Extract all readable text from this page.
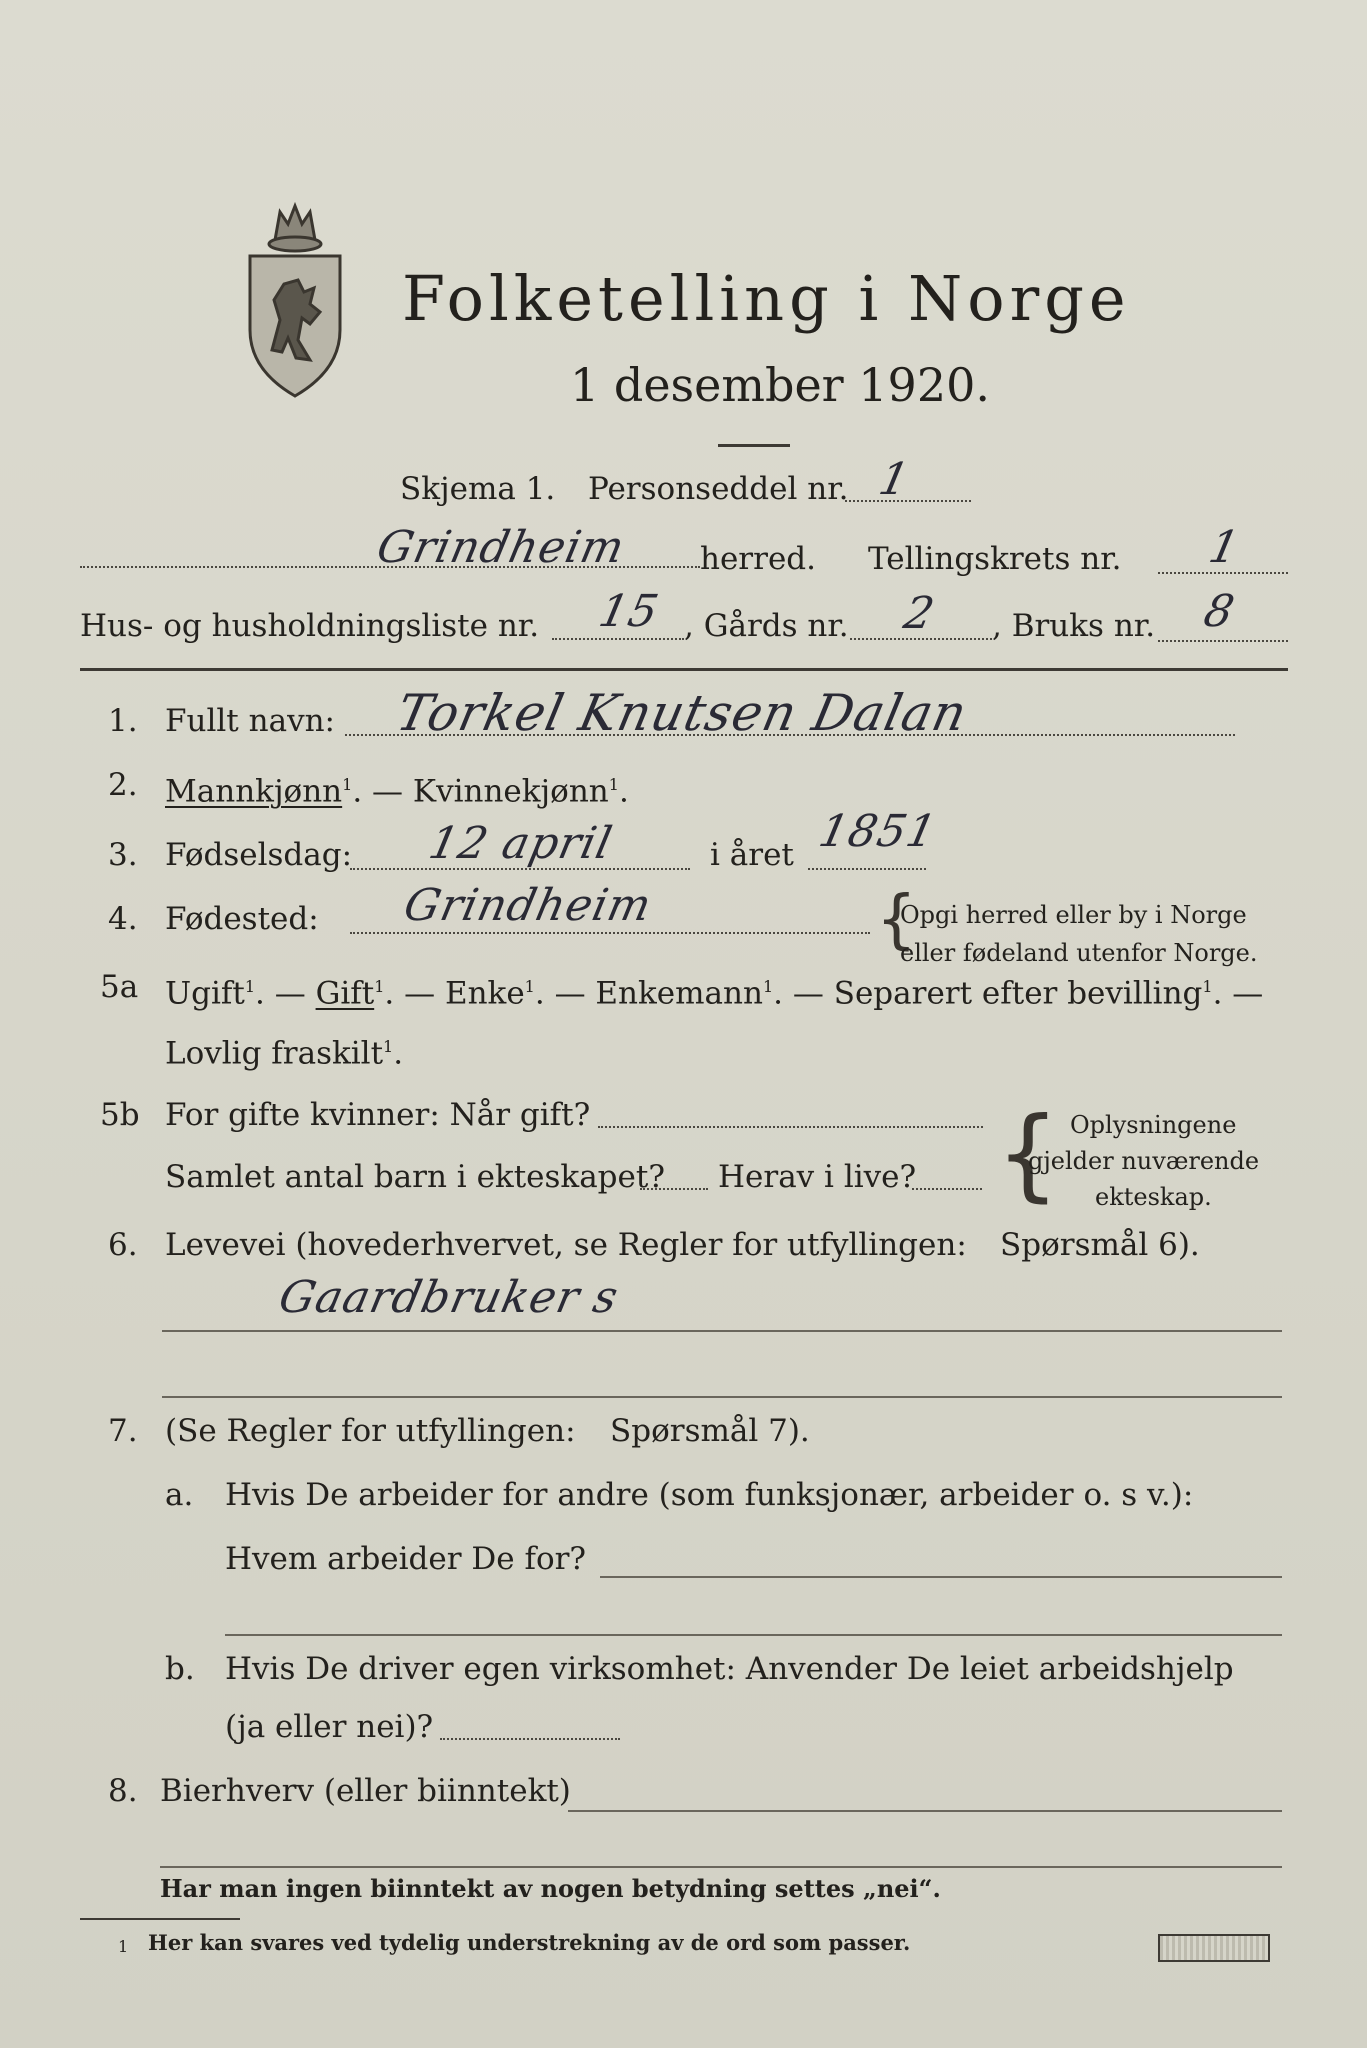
Folketelling i Norge
1 desember 1920.
Skjema 1. Personseddel nr. 1
Grindheim herred. Tellingskrets nr. 1
Hus- og husholdningsliste nr. 15 , Gårds nr. 2 , Bruks nr. 8
1. Fullt navn: Torkel Knutsen Dalan
2. Mannkjønn$^1$. — Kvinnekjønn$^1$.
3. Fødselsdag: 12 april	i året 1851
4. Fødested: Grindheim	{
Opgi herred eller by i Norge
eller fødeland utenfor Norge.
5a Ugift$^1$. — Gift$^1$. — Enke$^1$. — Enkemann$^1$. — Separert efter bevilling$^1$. —
Lovlig fraskilt$^1$.
5b For gifte kvinner: Når gift?
Samlet antal barn i ekteskapet? Herav i live? { Oplysningene
gjelder nuværende
ekteskap.
6. Levevei (hovederhvervet, se Regler for utfyllingen: Spørsmål 6).
Gaardbruker s
7. (Se Regler for utfyllingen: Spørsmål 7).
a. Hvis De arbeider for andre (som funksjonær, arbeider o. s v.):
Hvem arbeider De for?
b. Hvis De driver egen virksomhet: Anvender De leiet arbeidshjelp
(ja eller nei)?
8. Bierhverv (eller biinntekt)
Har man ingen biinntekt av nogen betydning settes „nei“.
1 Her kan svares ved tydelig understrekning av de ord som passer.
